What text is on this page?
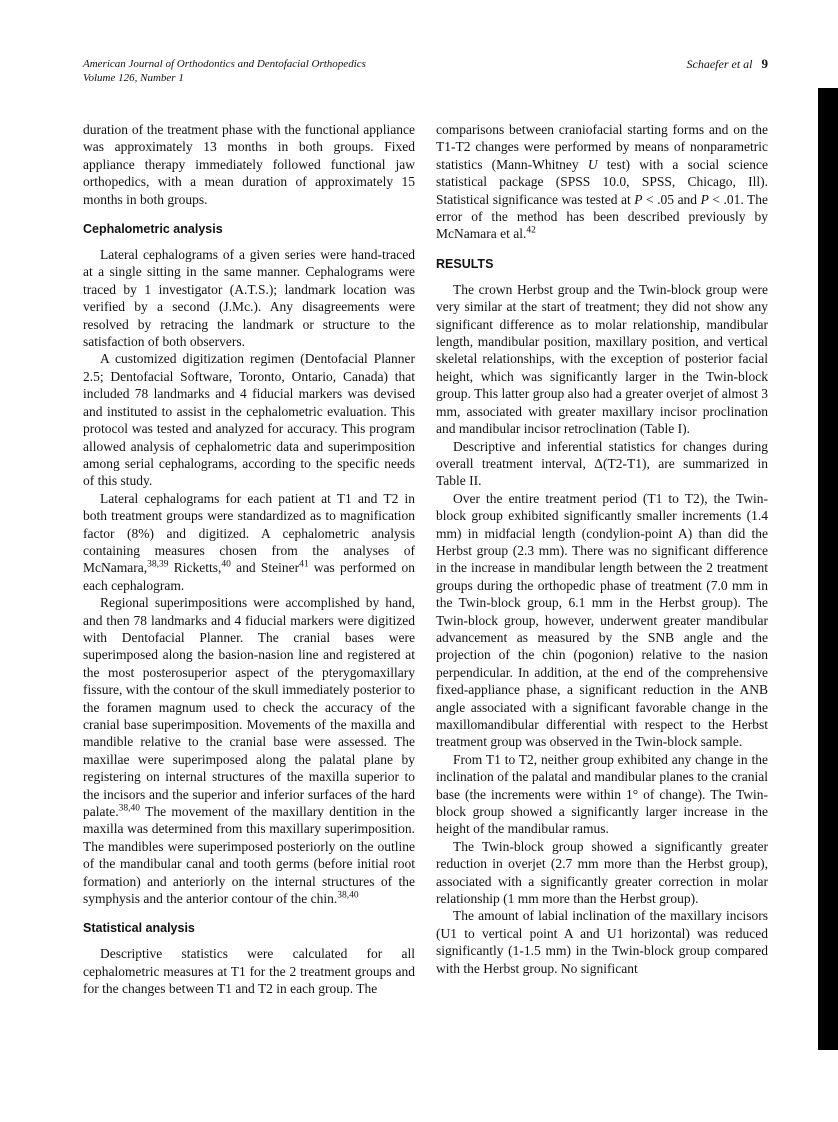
American Journal of Orthodontics and Dentofacial Orthopedics
Volume 126, Number 1
Schaefer et al 9

duration of the treatment phase with the functional appliance was approximately 13 months in both groups. Fixed appliance therapy immediately followed functional jaw orthopedics, with a mean duration of approximately 15 months in both groups.

Cephalometric analysis

Lateral cephalograms of a given series were hand-traced at a single sitting in the same manner. Cephalograms were traced by 1 investigator (A.T.S.); landmark location was verified by a second (J.Mc.). Any disagreements were resolved by retracing the landmark or structure to the satisfaction of both observers.

A customized digitization regimen (Dentofacial Planner 2.5; Dentofacial Software, Toronto, Ontario, Canada) that included 78 landmarks and 4 fiducial markers was devised and instituted to assist in the cephalometric evaluation. This protocol was tested and analyzed for accuracy. This program allowed analysis of cephalometric data and superimposition among serial cephalograms, according to the specific needs of this study.

Lateral cephalograms for each patient at T1 and T2 in both treatment groups were standardized as to magnification factor (8%) and digitized. A cephalometric analysis containing measures chosen from the analyses of McNamara,$^{38,39}$ Ricketts,$^{40}$ and Steiner$^{41}$ was performed on each cephalogram.

Regional superimpositions were accomplished by hand, and then 78 landmarks and 4 fiducial markers were digitized with Dentofacial Planner. The cranial bases were superimposed along the basion-nasion line and registered at the most posterosuperior aspect of the pterygomaxillary fissure, with the contour of the skull immediately posterior to the foramen magnum used to check the accuracy of the cranial base superimposition. Movements of the maxilla and mandible relative to the cranial base were assessed. The maxillae were superimposed along the palatal plane by registering on internal structures of the maxilla superior to the incisors and the superior and inferior surfaces of the hard palate.$^{38,40}$ The movement of the maxillary dentition in the maxilla was determined from this maxillary superimposition. The mandibles were superimposed posteriorly on the outline of the mandibular canal and tooth germs (before initial root formation) and anteriorly on the internal structures of the symphysis and the anterior contour of the chin.$^{38,40}$

Statistical analysis

Descriptive statistics were calculated for all cephalometric measures at T1 for the 2 treatment groups and for the changes between T1 and T2 in each group. The

comparisons between craniofacial starting forms and on the T1-T2 changes were performed by means of nonparametric statistics (Mann-Whitney U test) with a social science statistical package (SPSS 10.0, SPSS, Chicago, Ill). Statistical significance was tested at P < .05 and P < .01. The error of the method has been described previously by McNamara et al.$^{42}$

RESULTS

The crown Herbst group and the Twin-block group were very similar at the start of treatment; they did not show any significant difference as to molar relationship, mandibular length, mandibular position, maxillary position, and vertical skeletal relationships, with the exception of posterior facial height, which was significantly larger in the Twin-block group. This latter group also had a greater overjet of almost 3 mm, associated with greater maxillary incisor proclination and mandibular incisor retroclination (Table I).

Descriptive and inferential statistics for changes during overall treatment interval, Δ(T2-T1), are summarized in Table II.

Over the entire treatment period (T1 to T2), the Twin-block group exhibited significantly smaller increments (1.4 mm) in midfacial length (condylion-point A) than did the Herbst group (2.3 mm). There was no significant difference in the increase in mandibular length between the 2 treatment groups during the orthopedic phase of treatment (7.0 mm in the Twin-block group, 6.1 mm in the Herbst group). The Twin-block group, however, underwent greater mandibular advancement as measured by the SNB angle and the projection of the chin (pogonion) relative to the nasion perpendicular. In addition, at the end of the comprehensive fixed-appliance phase, a significant reduction in the ANB angle associated with a significant favorable change in the maxillomandibular differential with respect to the Herbst treatment group was observed in the Twin-block sample.

From T1 to T2, neither group exhibited any change in the inclination of the palatal and mandibular planes to the cranial base (the increments were within 1° of change). The Twin-block group showed a significantly larger increase in the height of the mandibular ramus.

The Twin-block group showed a significantly greater reduction in overjet (2.7 mm more than the Herbst group), associated with a significantly greater correction in molar relationship (1 mm more than the Herbst group).

The amount of labial inclination of the maxillary incisors (U1 to vertical point A and U1 horizontal) was reduced significantly (1-1.5 mm) in the Twin-block group compared with the Herbst group. No significant
